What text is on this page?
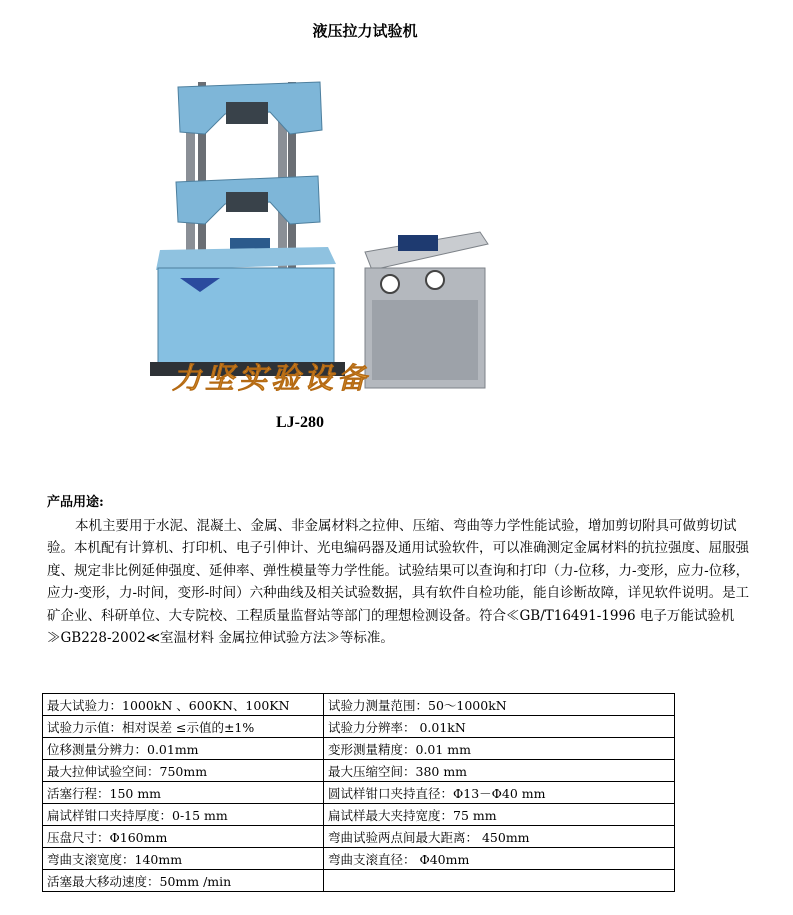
液压拉力试验机
力坚实验设备
LJ-280
产品用途:

本机主要用于水泥、混凝土、金属、非金属材料之拉伸、压缩、弯曲等力学性能试验，增加剪切附具可做剪切试验。本机配有计算机、打印机、电子引伸计、光电编码器及通用试验软件，可以准确测定金属材料的抗拉强度、屈服强度、规定非比例延伸强度、延伸率、弹性模量等力学性能。试验结果可以查询和打印（力-位移，力-变形，应力-位移，应力-变形，力-时间，变形-时间）六种曲线及相关试验数据，具有软件自检功能，能自诊断故障，详见软件说明。是工矿企业、科研单位、大专院校、工程质量监督站等部门的理想检测设备。符合≪GB/T16491-1996 电子万能试验机≫GB228-2002≪室温材料 金属拉伸试验方法≫等标准。

最大试验力：1000kN 、600KN、100KN	试验力测量范围：50～1000kN
试验力示值：相对误差 ≤示值的±1%	试验力分辨率： 0.01kN
位移测量分辨力：0.01mm	变形测量精度：0.01 mm
最大拉伸试验空间：750mm	最大压缩空间：380 mm
活塞行程：150 mm	圆试样钳口夹持直径：Φ13－Φ40 mm
扁试样钳口夹持厚度：0-15 mm	扁试样最大夹持宽度：75 mm
压盘尺寸：Φ160mm	弯曲试验两点间最大距离： 450mm
弯曲支滚宽度：140mm	弯曲支滚直径： Φ40mm
活塞最大移动速度：50mm /min	
